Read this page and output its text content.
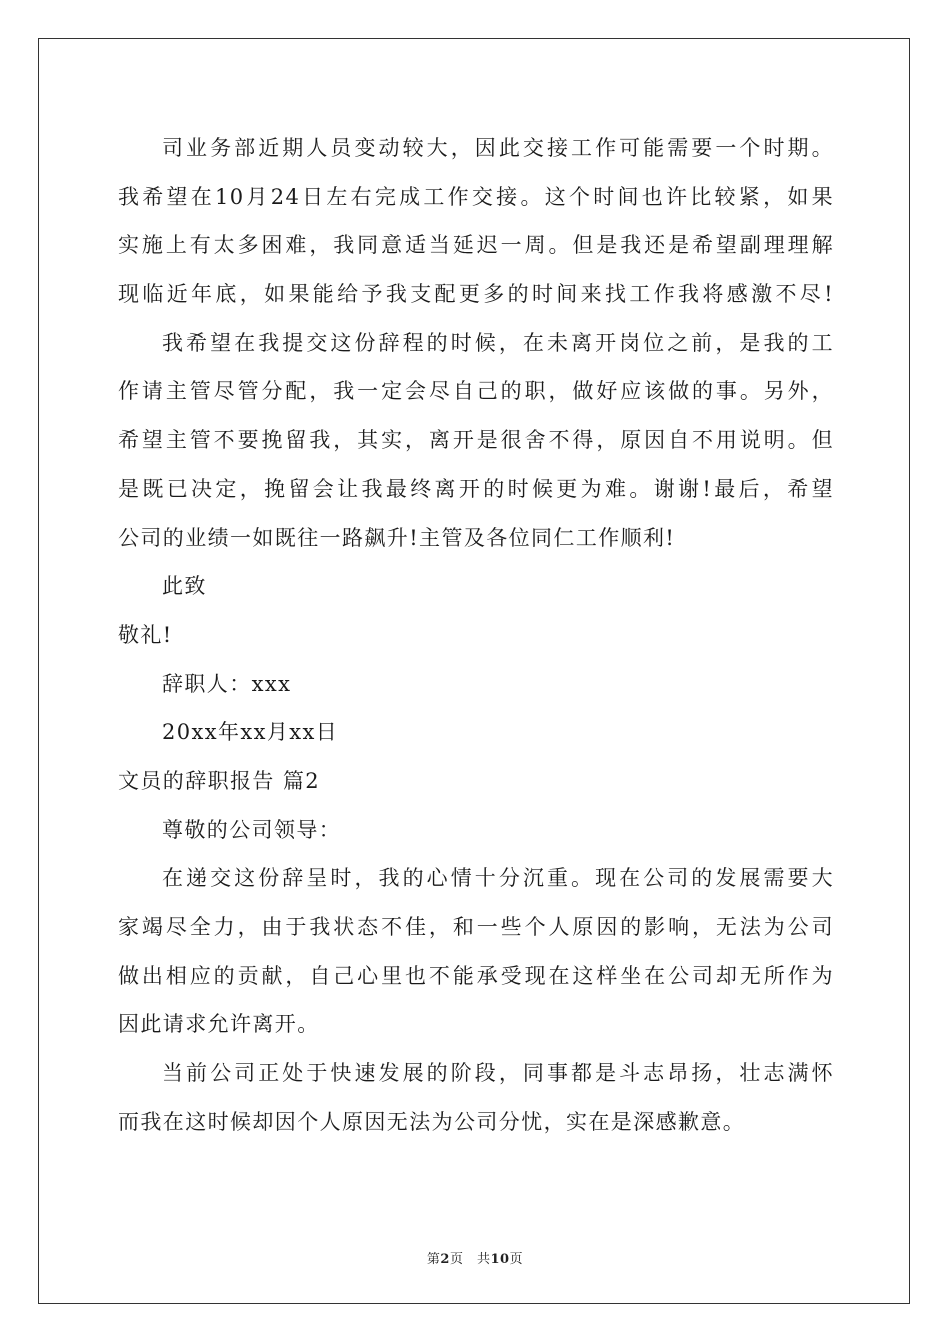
司业务部近期人员变动较大，因此交接工作可能需要一个时期。
我希望在10月24日左右完成工作交接。这个时间也许比较紧，如果
实施上有太多困难，我同意适当延迟一周。但是我还是希望副理理解
现临近年底，如果能给予我支配更多的时间来找工作我将感激不尽!
我希望在我提交这份辞程的时候，在未离开岗位之前，是我的工
作请主管尽管分配，我一定会尽自己的职，做好应该做的事。另外，
希望主管不要挽留我，其实，离开是很舍不得，原因自不用说明。但
是既已决定，挽留会让我最终离开的时候更为难。谢谢!最后，希望
公司的业绩一如既往一路飙升!主管及各位同仁工作顺利!
此致
敬礼!
辞职人：xxx
20xx年xx月xx日
文员的辞职报告 篇2
尊敬的公司领导：
在递交这份辞呈时，我的心情十分沉重。现在公司的发展需要大
家竭尽全力，由于我状态不佳，和一些个人原因的影响，无法为公司
做出相应的贡献，自己心里也不能承受现在这样坐在公司却无所作为
因此请求允许离开。
当前公司正处于快速发展的阶段，同事都是斗志昂扬，壮志满怀
而我在这时候却因个人原因无法为公司分忧，实在是深感歉意。
第2页　共10页
